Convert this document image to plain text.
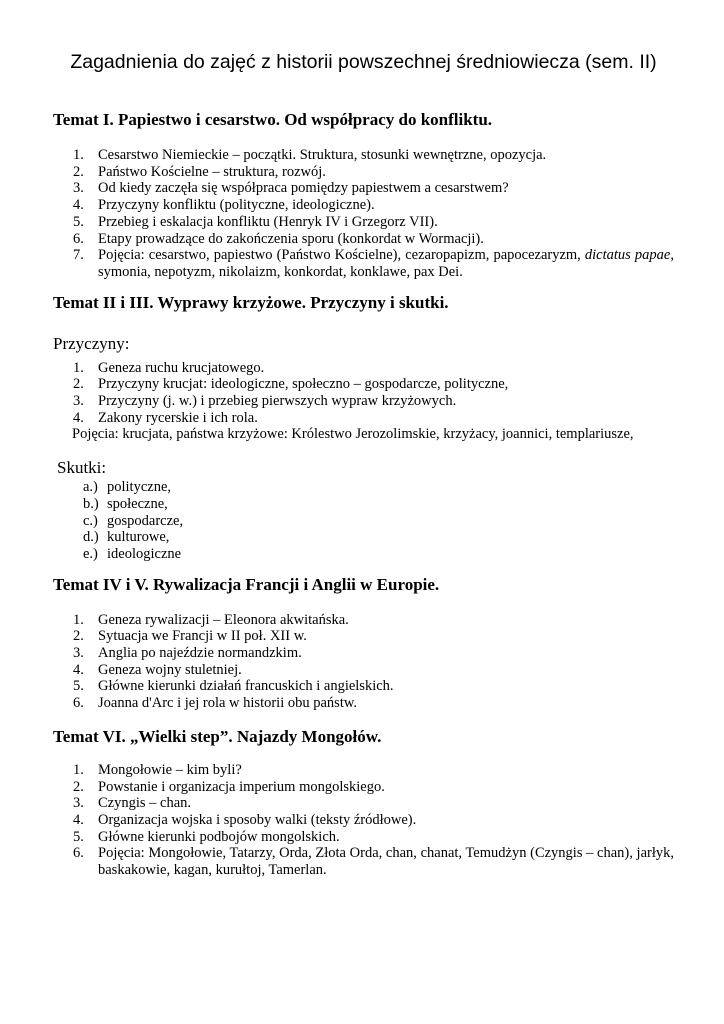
Zagadnienia do zajęć z historii powszechnej średniowiecza (sem. II)
Temat I. Papiestwo i cesarstwo. Od współpracy do konfliktu.
1. Cesarstwo Niemieckie – początki. Struktura, stosunki wewnętrzne, opozycja.
2. Państwo Kościelne – struktura, rozwój.
3. Od kiedy zaczęła się współpraca pomiędzy papiestwem a cesarstwem?
4. Przyczyny konfliktu (polityczne, ideologiczne).
5. Przebieg i eskalacja konfliktu (Henryk IV i Grzegorz VII).
6. Etapy prowadzące do zakończenia sporu (konkordat w Wormacji).
7. Pojęcia: cesarstwo, papiestwo (Państwo Kościelne), cezaropapizm, papocezaryzm, dictatus papae, symonia, nepotyzm, nikolaizm, konkordat, konklawe, pax Dei.
Temat II i III. Wyprawy krzyżowe. Przyczyny i skutki.
Przyczyny:
1. Geneza ruchu krucjatowego.
2. Przyczyny krucjat: ideologiczne, społeczno – gospodarcze, polityczne,
3. Przyczyny (j. w.) i przebieg pierwszych wypraw krzyżowych.
4. Zakony rycerskie i ich rola.
Pojęcia: krucjata, państwa krzyżowe: Królestwo Jerozolimskie, krzyżacy, joannici, templariusze,
Skutki:
a.) polityczne,
b.) społeczne,
c.) gospodarcze,
d.) kulturowe,
e.) ideologiczne
Temat IV i V. Rywalizacja Francji i Anglii w Europie.
1. Geneza rywalizacji – Eleonora akwitańska.
2. Sytuacja we Francji w II poł. XII w.
3. Anglia po najeździe normandzkim.
4. Geneza wojny stuletniej.
5. Główne kierunki działań francuskich i angielskich.
6. Joanna d'Arc i jej rola w historii obu państw.
Temat VI. „Wielki step”. Najazdy Mongołów.
1. Mongołowie – kim byli?
2. Powstanie i organizacja imperium mongolskiego.
3. Czyngis – chan.
4. Organizacja wojska i sposoby walki (teksty źródłowe).
5. Główne kierunki podbojów mongolskich.
6. Pojęcia: Mongołowie, Tatarzy, Orda, Złota Orda, chan, chanat, Temudżyn (Czyngis – chan), jarłyk, baskakowie, kagan, kurułtoj, Tamerlan.
